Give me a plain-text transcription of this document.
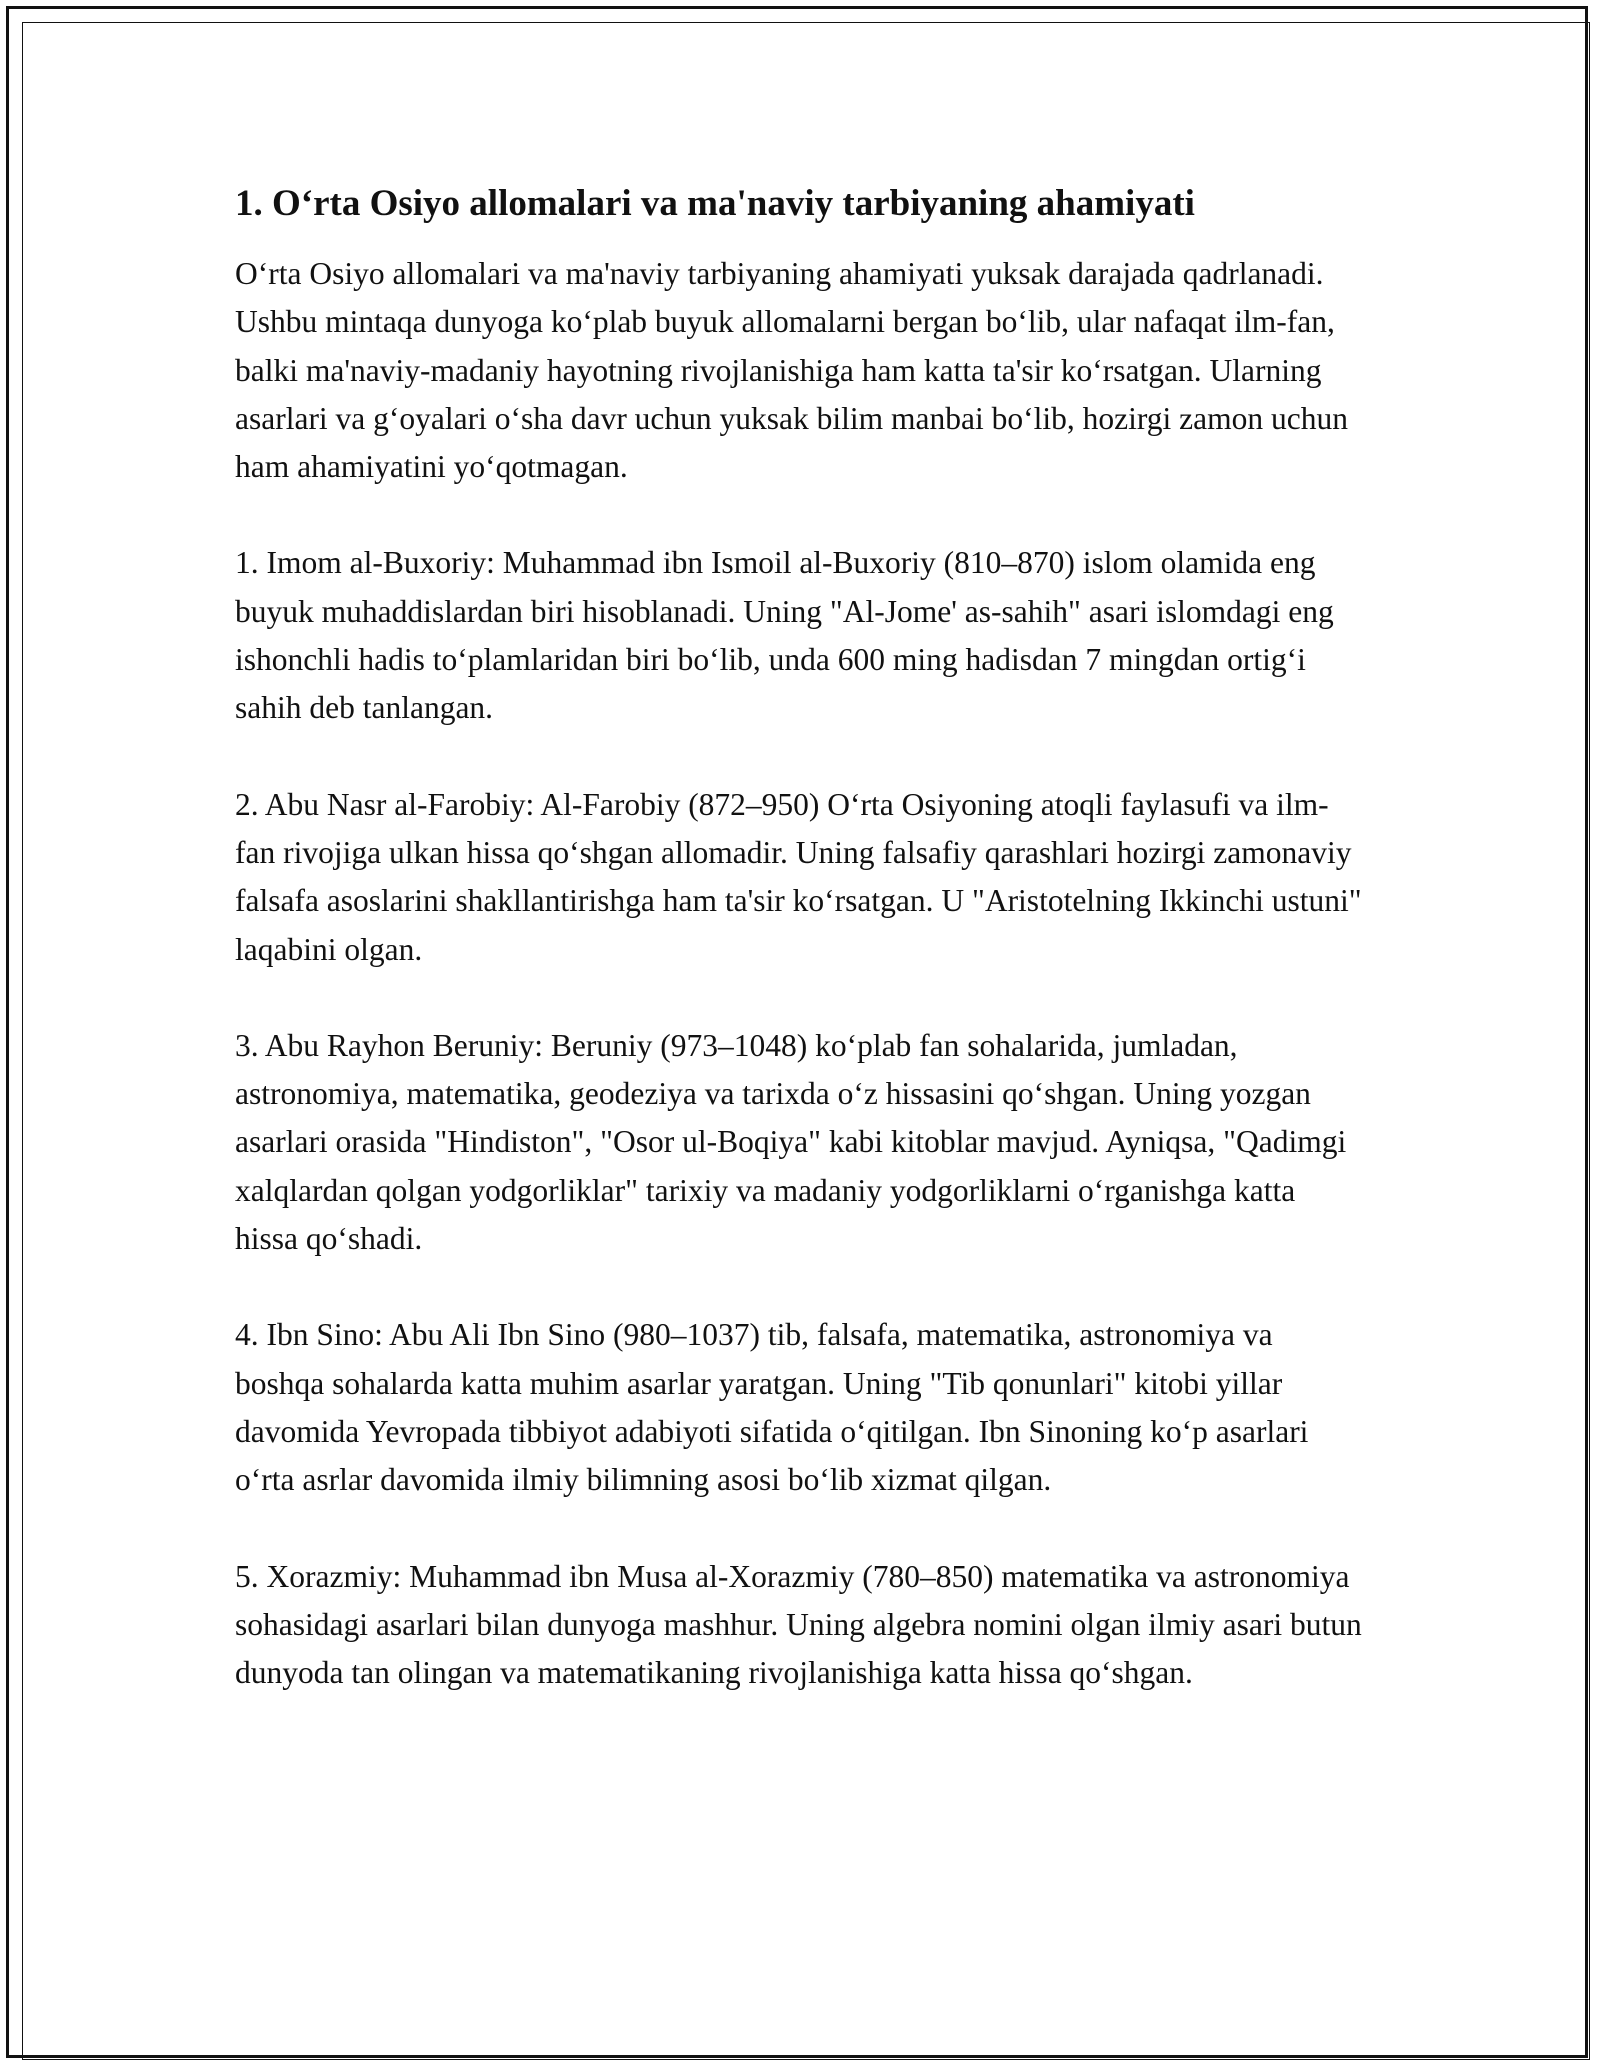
1. O‘rta Osiyo allomalari va ma'naviy tarbiyaning ahamiyati

O‘rta Osiyo allomalari va ma'naviy tarbiyaning ahamiyati yuksak darajada qadrlanadi. Ushbu mintaqa dunyoga ko‘plab buyuk allomalarni bergan bo‘lib, ular nafaqat ilm-fan, balki ma'naviy-madaniy hayotning rivojlanishiga ham katta ta'sir ko‘rsatgan. Ularning asarlari va g‘oyalari o‘sha davr uchun yuksak bilim manbai bo‘lib, hozirgi zamon uchun ham ahamiyatini yo‘qotmagan.

1. Imom al-Buxoriy: Muhammad ibn Ismoil al-Buxoriy (810–870) islom olamida eng buyuk muhaddislardan biri hisoblanadi. Uning "Al-Jome' as-sahih" asari islomdagi eng ishonchli hadis to‘plamlaridan biri bo‘lib, unda 600 ming hadisdan 7 mingdan ortig‘i sahih deb tanlangan.

2. Abu Nasr al-Farobiy: Al-Farobiy (872–950) O‘rta Osiyoning atoqli faylasufi va ilm-fan rivojiga ulkan hissa qo‘shgan allomadir. Uning falsafiy qarashlari hozirgi zamonaviy falsafa asoslarini shakllantirishga ham ta'sir ko‘rsatgan. U "Aristotelning Ikkinchi ustuni" laqabini olgan.

3. Abu Rayhon Beruniy: Beruniy (973–1048) ko‘plab fan sohalarida, jumladan, astronomiya, matematika, geodeziya va tarixda o‘z hissasini qo‘shgan. Uning yozgan asarlari orasida "Hindiston", "Osor ul-Boqiya" kabi kitoblar mavjud. Ayniqsa, "Qadimgi xalqlardan qolgan yodgorliklar" tarixiy va madaniy yodgorliklarni o‘rganishga katta hissa qo‘shadi.

4. Ibn Sino: Abu Ali Ibn Sino (980–1037) tib, falsafa, matematika, astronomiya va boshqa sohalarda katta muhim asarlar yaratgan. Uning "Tib qonunlari" kitobi yillar davomida Yevropada tibbiyot adabiyoti sifatida o‘qitilgan. Ibn Sinoning ko‘p asarlari o‘rta asrlar davomida ilmiy bilimning asosi bo‘lib xizmat qilgan.

5. Xorazmiy: Muhammad ibn Musa al-Xorazmiy (780–850) matematika va astronomiya sohasidagi asarlari bilan dunyoga mashhur. Uning algebra nomini olgan ilmiy asari butun dunyoda tan olingan va matematikaning rivojlanishiga katta hissa qo‘shgan.
